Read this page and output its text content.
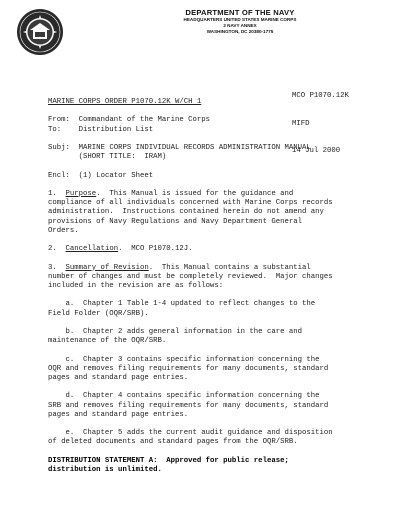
DEPARTMENT OF THE NAVY
HEADQUARTERS UNITED STATES MARINE CORPS
2 NAVY ANNEX
WASHINGTON, DC 20380-1775

MCO P1070.12K

MIFD

14 Jul 2000

MARINE CORPS ORDER P1070.12K W/CH 1
From: Commandant of the Marine Corps
To: Distribution List
Subj: MARINE CORPS INDIVIDUAL RECORDS ADMINISTRATION MANUAL
(SHORT TITLE:  IRAM)
Encl: (1) Locator Sheet
1. Purpose.  This Manual is issued for the guidance and
compliance of all individuals concerned with Marine Corps records
administration.  Instructions contained herein do not amend any
provisions of Navy Regulations and Navy Department General
Orders.
2. Cancellation.  MCO P1070.12J.
3. Summary of Revision.  This Manual contains a substantial
number of changes and must be completely reviewed.  Major changes
included in the revision are as follows:
a.  Chapter 1 Table 1-4 updated to reflect changes to the
Field Folder (OQR/SRB).
b.  Chapter 2 adds general information in the care and
maintenance of the OQR/SRB.
c.  Chapter 3 contains specific information concerning the
OQR and removes filing requirements for many documents, standard
pages and standard page entries.
d.  Chapter 4 contains specific information concerning the
SRB and removes filing requirements for many documents, standard
pages and standard page entries.
e.  Chapter 5 adds the current audit guidance and disposition
of deleted documents and standard pages from the OQR/SRB.
DISTRIBUTION STATEMENT A:  Approved for public release;
distribution is unlimited.
